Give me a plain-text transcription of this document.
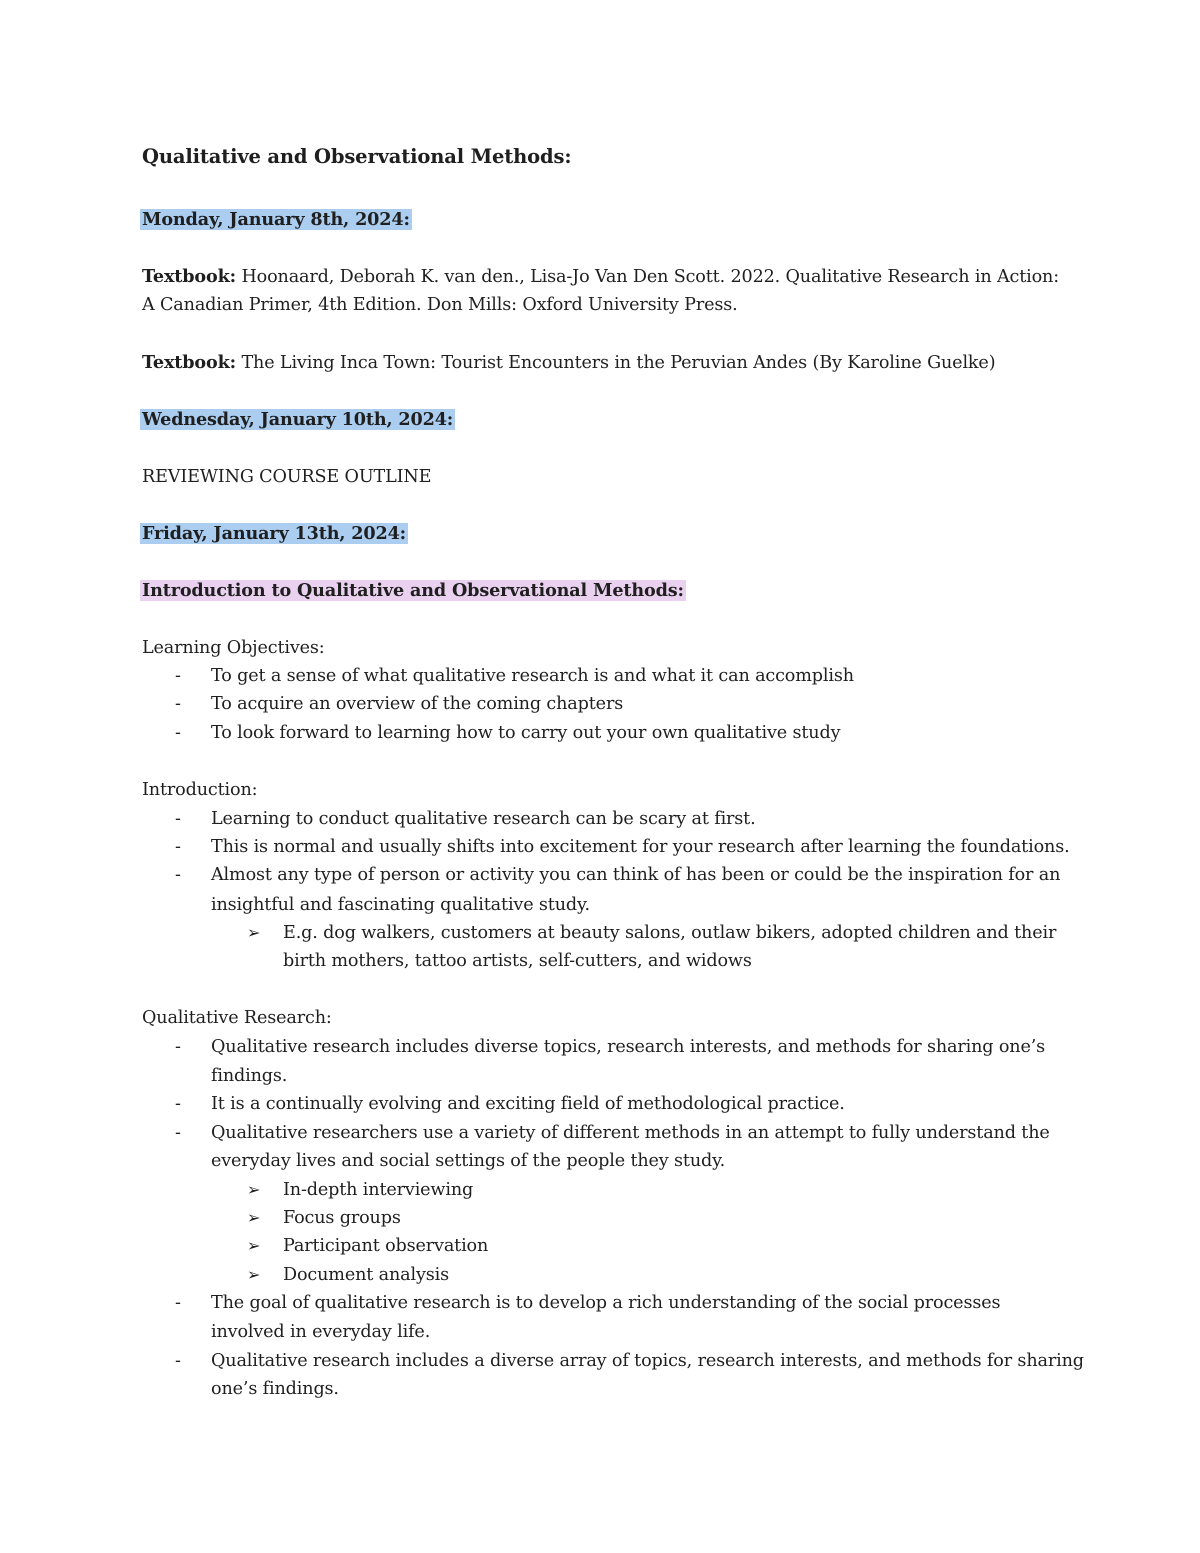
Qualitative and Observational Methods:
Monday, January 8th, 2024:
Textbook: Hoonaard, Deborah K. van den., Lisa-Jo Van Den Scott. 2022. Qualitative Research in Action:
A Canadian Primer, 4th Edition. Don Mills: Oxford University Press.
Textbook: The Living Inca Town: Tourist Encounters in the Peruvian Andes (By Karoline Guelke)
Wednesday, January 10th, 2024:
REVIEWING COURSE OUTLINE
Friday, January 13th, 2024:
Introduction to Qualitative and Observational Methods:
Learning Objectives:
- To get a sense of what qualitative research is and what it can accomplish
- To acquire an overview of the coming chapters
- To look forward to learning how to carry out your own qualitative study
Introduction:
- Learning to conduct qualitative research can be scary at first.
- This is normal and usually shifts into excitement for your research after learning the foundations.
- Almost any type of person or activity you can think of has been or could be the inspiration for an
insightful and fascinating qualitative study.
➢ E.g. dog walkers, customers at beauty salons, outlaw bikers, adopted children and their
birth mothers, tattoo artists, self-cutters, and widows
Qualitative Research:
- Qualitative research includes diverse topics, research interests, and methods for sharing one’s
findings.
- It is a continually evolving and exciting field of methodological practice.
- Qualitative researchers use a variety of different methods in an attempt to fully understand the
everyday lives and social settings of the people they study.
➢ In-depth interviewing
➢ Focus groups
➢ Participant observation
➢ Document analysis
- The goal of qualitative research is to develop a rich understanding of the social processes
involved in everyday life.
- Qualitative research includes a diverse array of topics, research interests, and methods for sharing
one’s findings.
